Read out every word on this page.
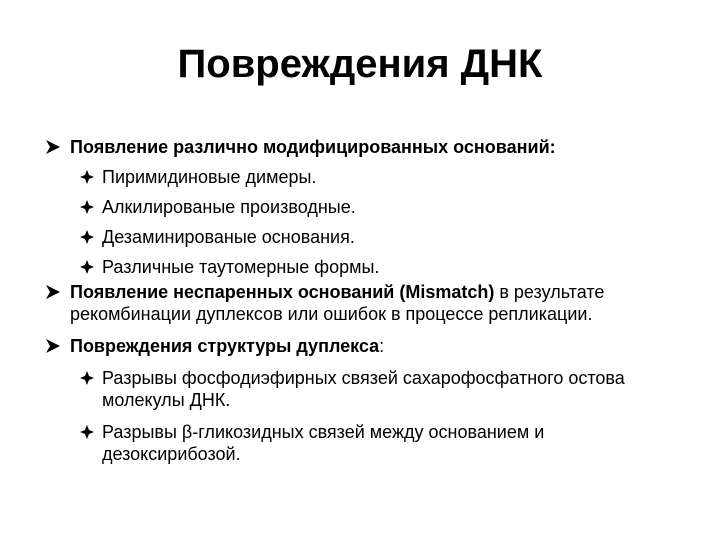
Повреждения ДНК
Появление различно модифицированных оснований:
Пиримидиновые димеры.
Алкилированые производные.
Дезаминированые основания.
Различные таутомерные формы.
Появление неспаренных оснований (Mismatch) в результате рекомбинации дуплексов или ошибок в процессе репликации.
Повреждения структуры дуплекса:
Разрывы фосфодиэфирных связей сахарофосфатного остова молекулы ДНК.
Разрывы β-гликозидных связей между основанием и дезоксирибозой.
